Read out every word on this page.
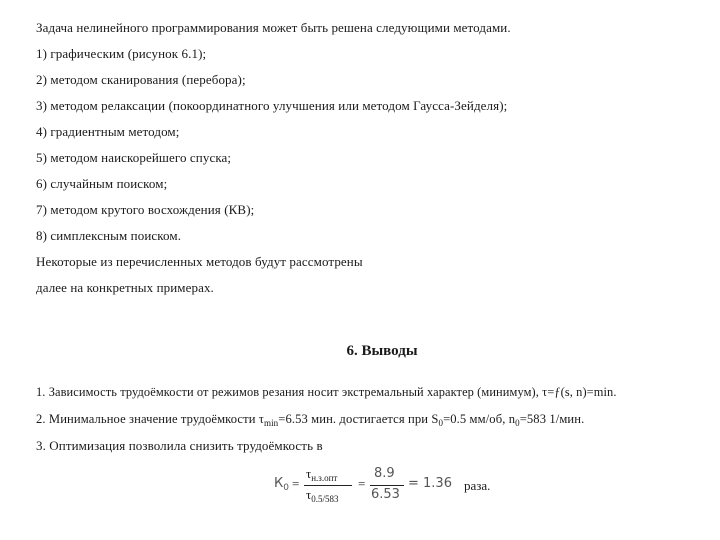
Задача нелинейного программирования может быть решена следующими методами.
1) графическим (рисунок 6.1);
2) методом сканирования (перебора);
3) методом релаксации (покоординатного улучшения или методом Гаусса-Зейделя);
4) градиентным методом;
5) методом наискорейшего спуска;
6) случайным поиском;
7) методом крутого восхождения (КВ);
8) симплексным поиском.
Некоторые из перечисленных методов будут рассмотрены
далее на конкретных примерах.
6. Выводы
1. Зависимость трудоёмкости от режимов резания носит экстремальный характер (минимум), τ=ƒ(s, n)=min.
2. Минимальное значение трудоёмкости $\tau_{min}=6.53$ мин. достигается при $S_0=0.5$ мм/об, $n_0=583$ 1/мин.
3. Оптимизация позволила снизить трудоёмкость в
$К_0$ =
$\tau_{н.з.опт}$
$\tau_{0.5/583}$
=
8.9
6.53
= 1.36 раза.
